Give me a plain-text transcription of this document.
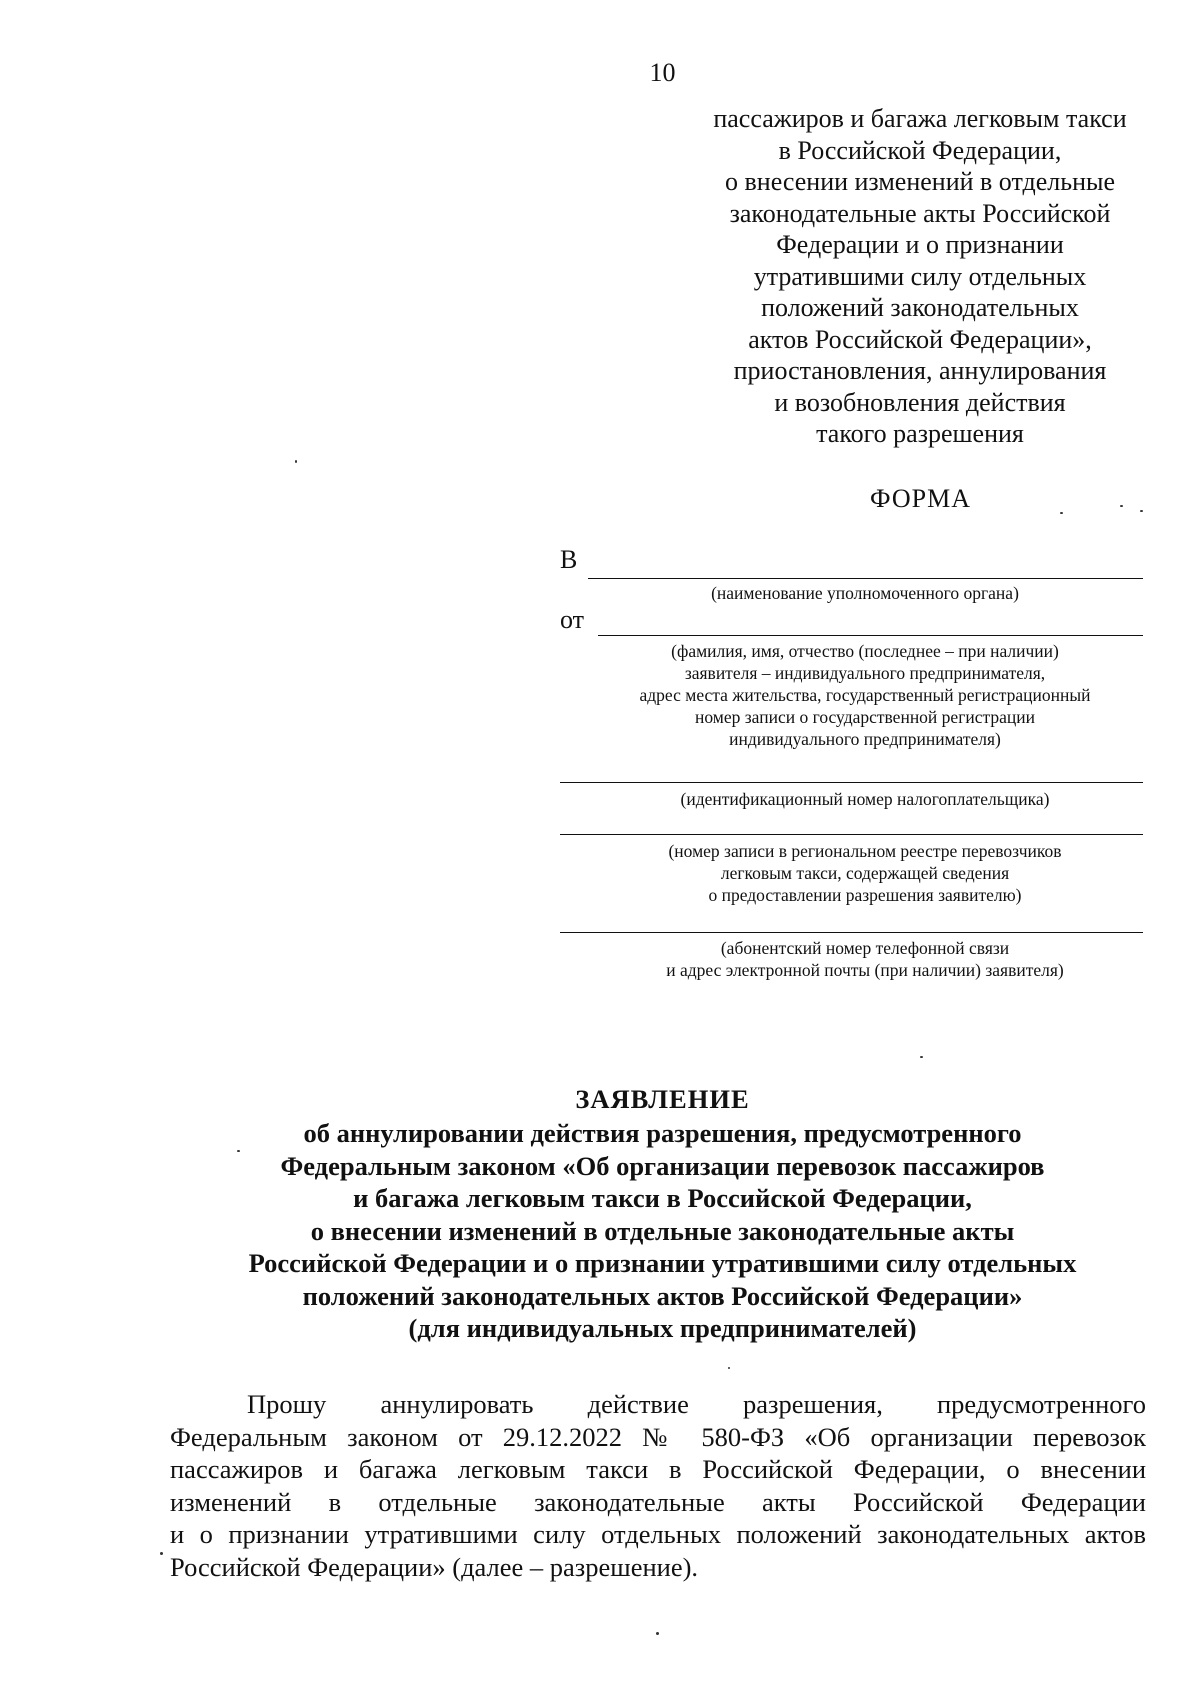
10
пассажиров и багажа легковым такси
в Российской Федерации,
о внесении изменений в отдельные
законодательные акты Российской
Федерации и о признании
утратившими силу отдельных
положений законодательных
актов Российской Федерации»,
приостановления, аннулирования
и возобновления действия
такого разрешения
ФОРМА
В
(наименование уполномоченного органа)
от
(фамилия, имя, отчество (последнее – при наличии)
заявителя – индивидуального предпринимателя,
адрес места жительства, государственный регистрационный
номер записи о государственной регистрации
индивидуального предпринимателя)
(идентификационный номер налогоплательщика)
(номер записи в региональном реестре перевозчиков
легковым такси, содержащей сведения
о предоставлении разрешения заявителю)
(абонентский номер телефонной связи
и адрес электронной почты (при наличии) заявителя)
ЗАЯВЛЕНИЕ
об аннулировании действия разрешения, предусмотренного
Федеральным законом «Об организации перевозок пассажиров
и багажа легковым такси в Российской Федерации,
о внесении изменений в отдельные законодательные акты
Российской Федерации и о признании утратившими силу отдельных
положений законодательных актов Российской Федерации»
(для индивидуальных предпринимателей)
Прошу аннулировать действие разрешения, предусмотренного
Федеральным законом от 29.12.2022 № 580-ФЗ «Об организации перевозок
пассажиров и багажа легковым такси в Российской Федерации, о внесении
изменений в отдельные законодательные акты Российской Федерации
и о признании утратившими силу отдельных положений законодательных актов
Российской Федерации» (далее – разрешение).
